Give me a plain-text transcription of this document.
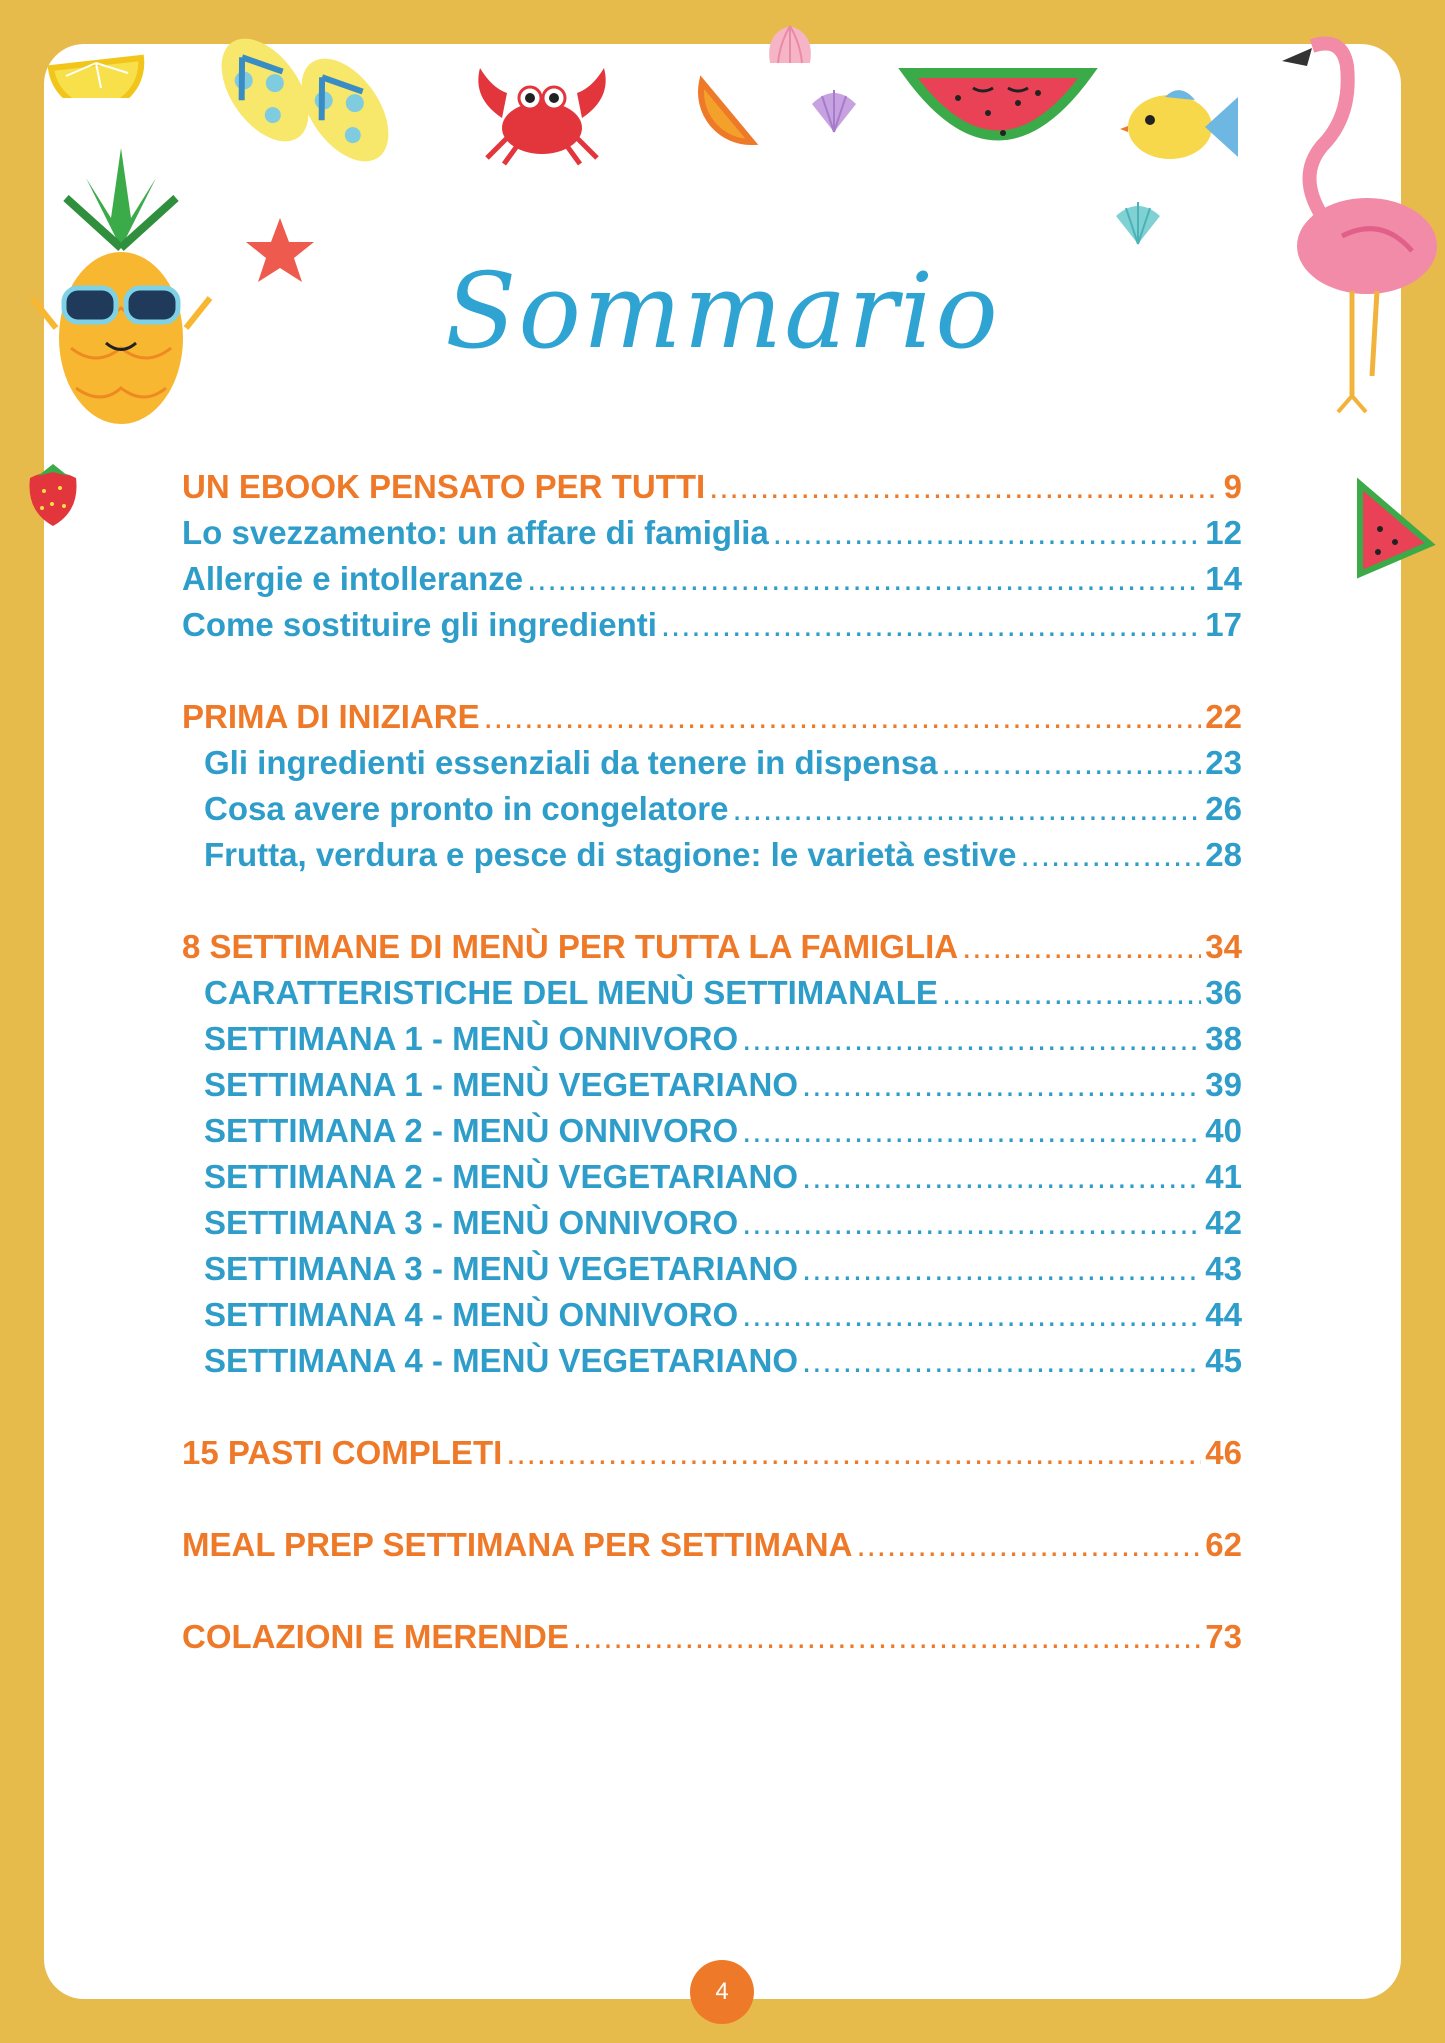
Sommario
UN EBOOK PENSATO PER TUTTI .....	9
Lo svezzamento: un affare di famiglia .....	12
Allergie e intolleranze .....	14
Come sostituire gli ingredienti .....	17
PRIMA DI INIZIARE .....	22
Gli ingredienti essenziali da tenere in dispensa .....	23
Cosa avere pronto in congelatore .....	26
Frutta, verdura e pesce di stagione: le varietà estive .....	28
8 SETTIMANE DI MENÙ PER TUTTA LA FAMIGLIA .....	34
CARATTERISTICHE DEL MENÙ SETTIMANALE .....	36
SETTIMANA 1 - MENÙ ONNIVORO .....	38
SETTIMANA 1 - MENÙ VEGETARIANO .....	39
SETTIMANA 2 - MENÙ ONNIVORO .....	40
SETTIMANA 2 - MENÙ VEGETARIANO .....	41
SETTIMANA 3 - MENÙ ONNIVORO .....	42
SETTIMANA 3 - MENÙ VEGETARIANO .....	43
SETTIMANA 4 - MENÙ ONNIVORO .....	44
SETTIMANA 4 - MENÙ VEGETARIANO .....	45
15 PASTI COMPLETI .....	46
MEAL PREP SETTIMANA PER SETTIMANA .....	62
COLAZIONI E MERENDE .....	73
4
